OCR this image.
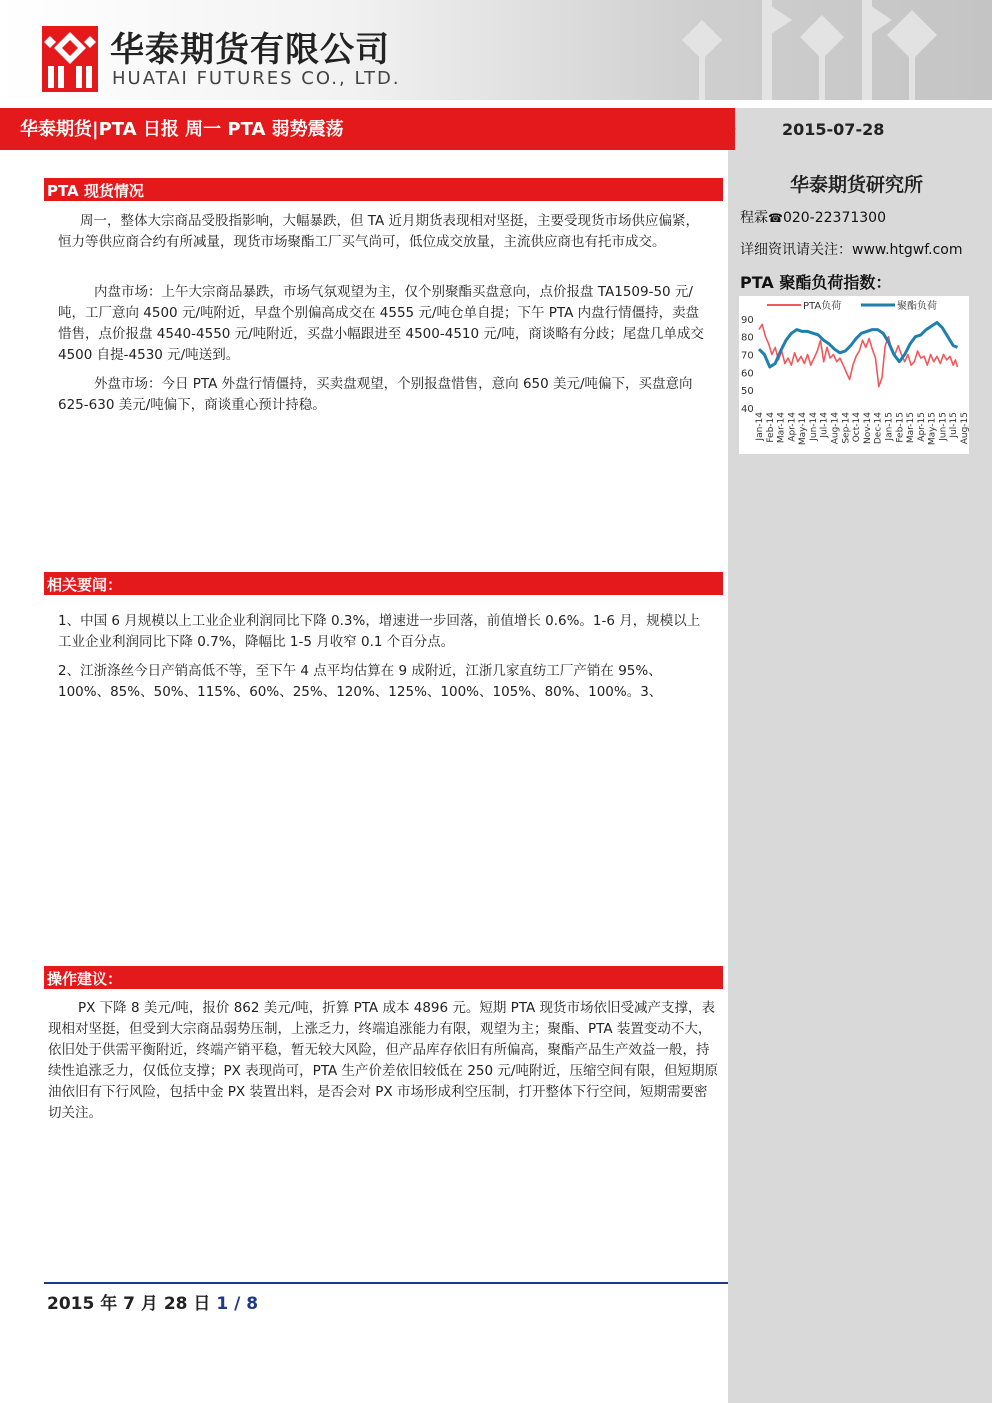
华泰期货有限公司
HUATAI FUTURES CO., LTD.
华泰期货|PTA 日报 周一 PTA 弱势震荡	2015-07-28
华泰期货研究所
程霖☎020-22371300
详细资讯请关注：www.htgwf.com
PTA 聚酯负荷指数：
90
80
70
60
50
40
Jan-14 Feb-14 Mar-14 Apr-14 May-14 Jun-14 Jul-14 Aug-14 Sep-14 Oct-14 Nov-14 Dec-14 Jan-15 Feb-15 Mar-15 Apr-15 May-15 Jun-15 Jul-15 Aug-15
PTA负荷	聚酯负荷
PTA 现货情况

周一，整体大宗商品受股指影响，大幅暴跌，但 TA 近月期货表现相对坚挺，主要受现货市场供应偏紧，恒力等供应商合约有所减量，现货市场聚酯工厂买气尚可，低位成交放量，主流供应商也有托市成交。

内盘市场：上午大宗商品暴跌，市场气氛观望为主，仅个别聚酯买盘意向，点价报盘 TA1509-50 元/吨，工厂意向 4500 元/吨附近，早盘个别偏高成交在 4555 元/吨仓单自提；下午 PTA 内盘行情僵持，卖盘惜售，点价报盘 4540-4550 元/吨附近，买盘小幅跟进至 4500-4510 元/吨，商谈略有分歧；尾盘几单成交 4500 自提-4530 元/吨送到。

外盘市场：今日 PTA 外盘行情僵持，买卖盘观望，个别报盘惜售，意向 650 美元/吨偏下，买盘意向 625-630 美元/吨偏下，商谈重心预计持稳。

相关要闻：

1、中国 6 月规模以上工业企业利润同比下降 0.3%，增速进一步回落，前值增长 0.6%。1-6 月，规模以上工业企业利润同比下降 0.7%，降幅比 1-5 月收窄 0.1 个百分点。

2、江浙涤丝今日产销高低不等，至下午 4 点平均估算在 9 成附近，江浙几家直纺工厂产销在 95%、100%、85%、50%、115%、60%、25%、120%、125%、100%、105%、80%、100%。3、

操作建议：

PX 下降 8 美元/吨，报价 862 美元/吨，折算 PTA 成本 4896 元。短期 PTA 现货市场依旧受减产支撑，表现相对坚挺，但受到大宗商品弱势压制，上涨乏力，终端追涨能力有限，观望为主；聚酯、PTA 装置变动不大，依旧处于供需平衡附近，终端产销平稳，暂无较大风险，但产品库存依旧有所偏高，聚酯产品生产效益一般，持续性追涨乏力，仅低位支撑；PX 表现尚可，PTA 生产价差依旧较低在 250 元/吨附近，压缩空间有限，但短期原油依旧有下行风险，包括中金 PX 装置出料，是否会对 PX 市场形成利空压制，打开整体下行空间，短期需要密切关注。

2015 年 7 月 28 日 1 / 8
